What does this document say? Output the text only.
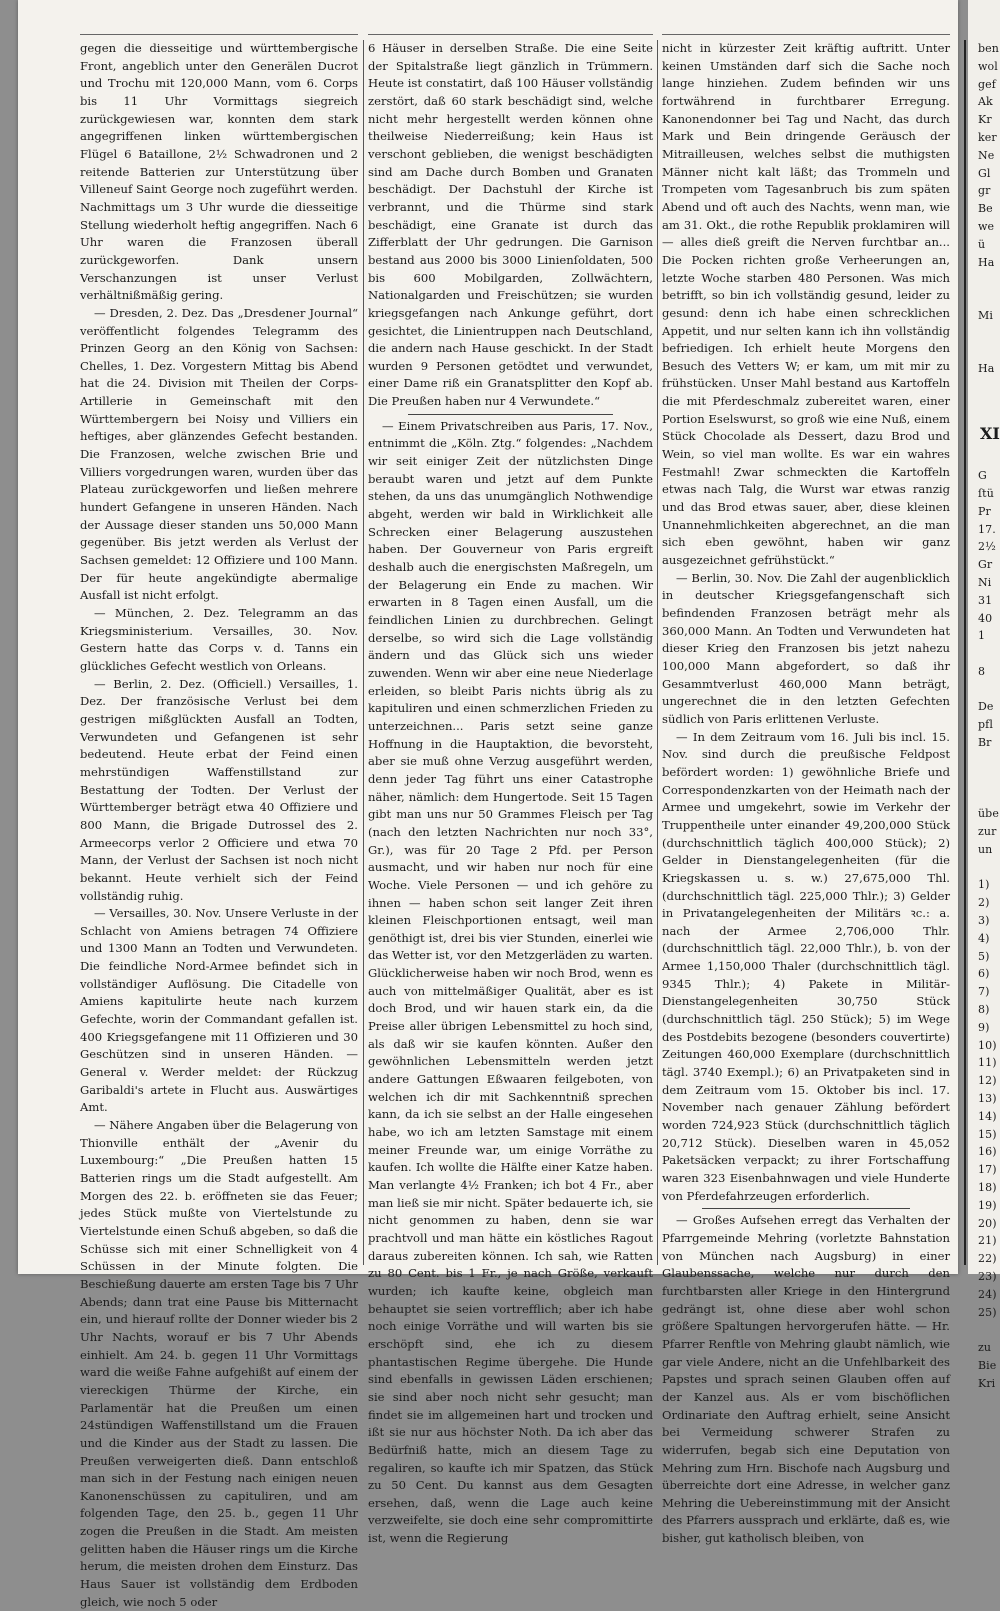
gegen die diesseitige und württembergische Front, angeblich unter den Generälen Ducrot und Trochu mit 120,000 Mann, vom 6. Corps bis 11 Uhr Vormittags siegreich zurückgewiesen war, konnten dem stark angegriffenen linken württembergischen Flügel 6 Bataillone, 2½ Schwadronen und 2 reitende Batterien zur Unterstützung über Villeneuf Saint George noch zugeführt werden. Nachmittags um 3 Uhr wurde die diesseitige Stellung wiederholt heftig angegriffen. Nach 6 Uhr waren die Franzosen überall zurückgeworfen. Dank unsern Verschanzungen ist unser Verlust verhältnißmäßig gering.

— Dresden, 2. Dez. Das „Dresdener Journal“ veröffentlicht folgendes Telegramm des Prinzen Georg an den König von Sachsen: Chelles, 1. Dez. Vorgestern Mittag bis Abend hat die 24. Division mit Theilen der Corps-Artillerie in Gemeinschaft mit den Württembergern bei Noisy und Villiers ein heftiges, aber glänzendes Gefecht bestanden. Die Franzosen, welche zwischen Brie und Villiers vorgedrungen waren, wurden über das Plateau zurückgeworfen und ließen mehrere hundert Gefangene in unseren Händen. Nach der Aussage dieser standen uns 50,000 Mann gegenüber. Bis jetzt werden als Verlust der Sachsen gemeldet: 12 Offiziere und 100 Mann. Der für heute angekündigte abermalige Ausfall ist nicht erfolgt.

— München, 2. Dez. Telegramm an das Kriegsministerium. Versailles, 30. Nov. Gestern hatte das Corps v. d. Tanns ein glückliches Gefecht westlich von Orleans.

— Berlin, 2. Dez. (Officiell.) Versailles, 1. Dez. Der französische Verlust bei dem gestrigen mißglückten Ausfall an Todten, Verwundeten und Gefangenen ist sehr bedeutend. Heute erbat der Feind einen mehrstündigen Waffenstillstand zur Bestattung der Todten. Der Verlust der Württemberger beträgt etwa 40 Offiziere und 800 Mann, die Brigade Dutrossel des 2. Armeecorps verlor 2 Officiere und etwa 70 Mann, der Verlust der Sachsen ist noch nicht bekannt. Heute verhielt sich der Feind vollständig ruhig.

— Versailles, 30. Nov. Unsere Verluste in der Schlacht von Amiens betragen 74 Offiziere und 1300 Mann an Todten und Verwundeten. Die feindliche Nord-Armee befindet sich in vollständiger Auflösung. Die Citadelle von Amiens kapitulirte heute nach kurzem Gefechte, worin der Commandant gefallen ist. 400 Kriegsgefangene mit 11 Offizieren und 30 Geschützen sind in unseren Händen. — General v. Werder meldet: der Rückzug Garibaldi's artete in Flucht aus. Auswärtiges Amt.

— Nähere Angaben über die Belagerung von Thionville enthält der „Avenir du Luxembourg:“ „Die Preußen hatten 15 Batterien rings um die Stadt aufgestellt. Am Morgen des 22. b. eröffneten sie das Feuer; jedes Stück mußte von Viertelstunde zu Viertelstunde einen Schuß abgeben, so daß die Schüsse sich mit einer Schnelligkeit von 4 Schüssen in der Minute folgten. Die Beschießung dauerte am ersten Tage bis 7 Uhr Abends; dann trat eine Pause bis Mitternacht ein, und hierauf rollte der Donner wieder bis 2 Uhr Nachts, worauf er bis 7 Uhr Abends einhielt. Am 24. b. gegen 11 Uhr Vormittags ward die weiße Fahne aufgehißt auf einem der viereckigen Thürme der Kirche, ein Parlamentär hat die Preußen um einen 24stündigen Waffenstillstand um die Frauen und die Kinder aus der Stadt zu lassen. Die Preußen verweigerten dieß. Dann entschloß man sich in der Festung nach einigen neuen Kanonenschüssen zu capituliren, und am folgenden Tage, den 25. b., gegen 11 Uhr zogen die Preußen in die Stadt. Am meisten gelitten haben die Häuser rings um die Kirche herum, die meisten drohen dem Einsturz. Das Haus Sauer ist vollständig dem Erdboden gleich, wie noch 5 oder

6 Häuser in derselben Straße. Die eine Seite der Spitalstraße liegt gänzlich in Trümmern. Heute ist constatirt, daß 100 Häuser vollständig zerstört, daß 60 stark beschädigt sind, welche nicht mehr hergestellt werden können ohne theilweise Niederreißung; kein Haus ist verschont geblieben, die wenigst beschädigten sind am Dache durch Bomben und Granaten beschädigt. Der Dachstuhl der Kirche ist verbrannt, und die Thürme sind stark beschädigt, eine Granate ist durch das Zifferblatt der Uhr gedrungen. Die Garnison bestand aus 2000 bis 3000 Linienſoldaten, 500 bis 600 Mobilgarden, Zollwächtern, Nationalgarden und Freischützen; sie wurden kriegsgefangen nach Ankunge geführt, dort gesichtet, die Linientruppen nach Deutschland, die andern nach Hause geschickt. In der Stadt wurden 9 Personen getödtet und verwundet, einer Dame riß ein Granatsplitter den Kopf ab. Die Preußen haben nur 4 Verwundete.“

— Einem Privatschreiben aus Paris, 17. Nov., entnimmt die „Köln. Ztg.“ folgendes: „Nachdem wir seit einiger Zeit der nützlichsten Dinge beraubt waren und jetzt auf dem Punkte stehen, da uns das unumgänglich Nothwendige abgeht, werden wir bald in Wirklichkeit alle Schrecken einer Belagerung auszustehen haben. Der Gouverneur von Paris ergreift deshalb auch die energischsten Maßregeln, um der Belagerung ein Ende zu machen. Wir erwarten in 8 Tagen einen Ausfall, um die feindlichen Linien zu durchbrechen. Gelingt derselbe, so wird sich die Lage vollständig ändern und das Glück sich uns wieder zuwenden. Wenn wir aber eine neue Niederlage erleiden, so bleibt Paris nichts übrig als zu kapituliren und einen schmerzlichen Frieden zu unterzeichnen... Paris setzt seine ganze Hoffnung in die Hauptaktion, die bevorsteht, aber sie muß ohne Verzug ausgeführt werden, denn jeder Tag führt uns einer Catastrophe näher, nämlich: dem Hungertode. Seit 15 Tagen gibt man uns nur 50 Grammes Fleisch per Tag (nach den letzten Nachrichten nur noch 33°, Gr.), was für 20 Tage 2 Pfd. per Person ausmacht, und wir haben nur noch für eine Woche. Viele Personen — und ich gehöre zu ihnen — haben schon seit langer Zeit ihren kleinen Fleischportionen entsagt, weil man genöthigt ist, drei bis vier Stunden, einerlei wie das Wetter ist, vor den Metzgerläden zu warten. Glücklicherweise haben wir noch Brod, wenn es auch von mittelmäßiger Qualität, aber es ist doch Brod, und wir hauen stark ein, da die Preise aller übrigen Lebensmittel zu hoch sind, als daß wir sie kaufen könnten. Außer den gewöhnlichen Lebensmitteln werden jetzt andere Gattungen Eßwaaren feilgeboten, von welchen ich dir mit Sachkenntniß sprechen kann, da ich sie selbst an der Halle eingesehen habe, wo ich am letzten Samstage mit einem meiner Freunde war, um einige Vorräthe zu kaufen. Ich wollte die Hälfte einer Katze haben. Man verlangte 4½ Franken; ich bot 4 Fr., aber man ließ sie mir nicht. Später bedauerte ich, sie nicht genommen zu haben, denn sie war prachtvoll und man hätte ein köstliches Ragout daraus zubereiten können. Ich sah, wie Ratten zu 80 Cent. bis 1 Fr., je nach Größe, verkauft wurden; ich kaufte keine, obgleich man behauptet sie seien vortrefflich; aber ich habe noch einige Vorräthe und will warten bis sie erschöpft sind, ehe ich zu diesem phantastischen Regime übergehe. Die Hunde sind ebenfalls in gewissen Läden erschienen; sie sind aber noch nicht sehr gesucht; man findet sie im allgemeinen hart und trocken und ißt sie nur aus höchster Noth. Da ich aber das Bedürfniß hatte, mich an diesem Tage zu regaliren, so kaufte ich mir Spatzen, das Stück zu 50 Cent. Du kannst aus dem Gesagten ersehen, daß, wenn die Lage auch keine verzweifelte, sie doch eine sehr compromittirte ist, wenn die Regierung

nicht in kürzester Zeit kräftig auftritt. Unter keinen Umständen darf sich die Sache noch lange hinziehen. Zudem befinden wir uns fortwährend in furchtbarer Erregung. Kanonendonner bei Tag und Nacht, das durch Mark und Bein dringende Geräusch der Mitrailleusen, welches selbst die muthigsten Männer nicht kalt läßt; das Trommeln und Trompeten vom Tagesanbruch bis zum späten Abend und oft auch des Nachts, wenn man, wie am 31. Okt., die rothe Republik proklamiren will — alles dieß greift die Nerven furchtbar an... Die Pocken richten große Verheerungen an, letzte Woche starben 480 Personen. Was mich betrifft, so bin ich vollständig gesund, leider zu gesund: denn ich habe einen schrecklichen Appetit, und nur selten kann ich ihn vollständig befriedigen. Ich erhielt heute Morgens den Besuch des Vetters W; er kam, um mit mir zu frühstücken. Unser Mahl bestand aus Kartoffeln die mit Pferdeschmalz zubereitet waren, einer Portion Eselswurst, so groß wie eine Nuß, einem Stück Chocolade als Dessert, dazu Brod und Wein, so viel man wollte. Es war ein wahres Festmahl! Zwar schmeckten die Kartoffeln etwas nach Talg, die Wurst war etwas ranzig und das Brod etwas sauer, aber, diese kleinen Unannehmlichkeiten abgerechnet, an die man sich eben gewöhnt, haben wir ganz ausgezeichnet gefrühstückt.“

— Berlin, 30. Nov. Die Zahl der augenblicklich in deutscher Kriegsgefangenschaft sich befindenden Franzosen beträgt mehr als 360,000 Mann. An Todten und Verwundeten hat dieser Krieg den Franzosen bis jetzt nahezu 100,000 Mann abgefordert, so daß ihr Gesammtverlust 460,000 Mann beträgt, ungerechnet die in den letzten Gefechten südlich von Paris erlittenen Verluste.

— In dem Zeitraum vom 16. Juli bis incl. 15. Nov. sind durch die preußische Feldpost befördert worden: 1) gewöhnliche Briefe und Correspondenzkarten von der Heimath nach der Armee und umgekehrt, sowie im Verkehr der Truppentheile unter einander 49,200,000 Stück (durchschnittlich täglich 400,000 Stück); 2) Gelder in Dienstangelegenheiten (für die Kriegskassen u. s. w.) 27,675,000 Thl. (durchschnittlich tägl. 225,000 Thlr.); 3) Gelder in Privatangelegenheiten der Militärs ꝛc.: a. nach der Armee 2,706,000 Thlr. (durchschnittlich tägl. 22,000 Thlr.), b. von der Armee 1,150,000 Thaler (durchschnittlich tägl. 9345 Thlr.); 4) Pakete in Militär-Dienstangelegenheiten 30,750 Stück (durchschnittlich tägl. 250 Stück); 5) im Wege des Postdebits bezogene (besonders couvertirte) Zeitungen 460,000 Exemplare (durchschnittlich tägl. 3740 Exempl.); 6) an Privatpaketen sind in dem Zeitraum vom 15. Oktober bis incl. 17. November nach genauer Zählung befördert worden 724,923 Stück (durchschnittlich täglich 20,712 Stück). Dieselben waren in 45,052 Paketsäcken verpackt; zu ihrer Fortschaffung waren 323 Eisenbahnwagen und viele Hunderte von Pferdefahrzeugen erforderlich.

— Großes Aufsehen erregt das Verhalten der Pfarrgemeinde Mehring (vorletzte Bahnstation von München nach Augsburg) in einer Glaubenssache, welche nur durch den furchtbarsten aller Kriege in den Hintergrund gedrängt ist, ohne diese aber wohl schon größere Spaltungen hervorgerufen hätte. — Hr. Pfarrer Renftle von Mehring glaubt nämlich, wie gar viele Andere, nicht an die Unfehlbarkeit des Papstes und sprach seinen Glauben offen auf der Kanzel aus. Als er vom bischöflichen Ordinariate den Auftrag erhielt, seine Ansicht bei Vermeidung schwerer Strafen zu widerrufen, begab sich eine Deputation von Mehring zum Hrn. Bischofe nach Augsburg und überreichte dort eine Adresse, in welcher ganz Mehring die Uebereinstimmung mit der Ansicht des Pfarrers aussprach und erklärte, daß es, wie bisher, gut katholisch bleiben, von

ben
wol
gef
Ak
Kr
ker
Ne
Gl
gr
Be
we
ü
Ha

Mi

Ha

G
ſtü
Pr
17.
2½
Gr
Ni
31
40
1

8

De
pfl
Br

übe
zur
un

1)
2)
3)
4)
5)
6)
7)
8)
9)
10)
11)
12)
13)
14)
15)
16)
17)
18)
19)
20)
21)
22)
23)
24)
25)

zu
Bie
Kri
XI
